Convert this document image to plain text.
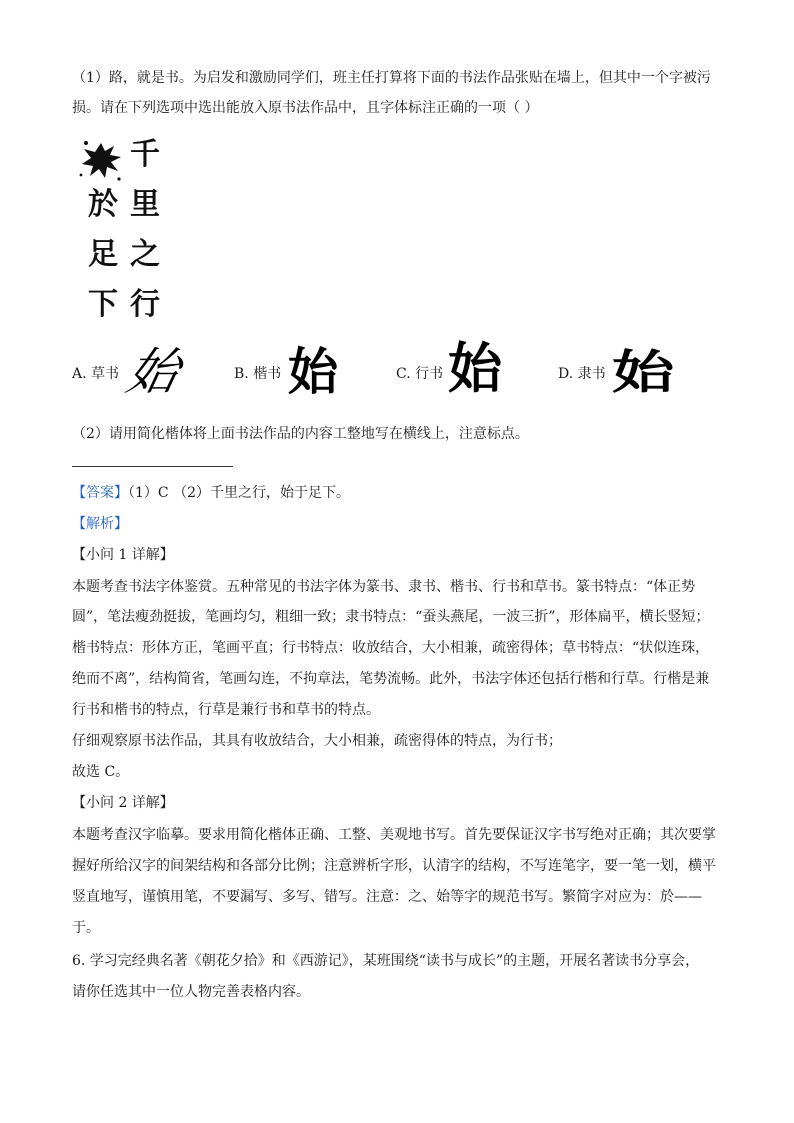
（1）路，就是书。为启发和激励同学们，班主任打算将下面的书法作品张贴在墙上，但其中一个字被污
损。请在下列选项中选出能放入原书法作品中，且字体标注正确的一项（ ）
千
里
之
行
於
足
下
A. 草书 始	B. 楷书 始	C. 行书 始	D. 隶书 始
（2）请用简化楷体将上面书法作品的内容工整地写在横线上，注意标点。
【答案】（1）C （2）千里之行，始于足下。
【解析】
【小问 1 详解】
本题考查书法字体鉴赏。五种常见的书法字体为篆书、隶书、楷书、行书和草书。篆书特点：“体正势
圆”，笔法瘦劲挺拔，笔画均匀，粗细一致；隶书特点：“蚕头燕尾，一波三折”，形体扁平，横长竖短；
楷书特点：形体方正，笔画平直；行书特点：收放结合，大小相兼，疏密得体；草书特点：“状似连珠，
绝而不离”，结构简省，笔画勾连，不拘章法，笔势流畅。此外，书法字体还包括行楷和行草。行楷是兼
行书和楷书的特点，行草是兼行书和草书的特点。
仔细观察原书法作品，其具有收放结合，大小相兼，疏密得体的特点，为行书；
故选 C。
【小问 2 详解】
本题考查汉字临摹。要求用简化楷体正确、工整、美观地书写。首先要保证汉字书写绝对正确；其次要掌
握好所给汉字的间架结构和各部分比例；注意辨析字形，认清字的结构，不写连笔字，要一笔一划，横平
竖直地写，谨慎用笔，不要漏写、多写、错写。注意：之、始等字的规范书写。繁简字对应为：於——
于。
6. 学习完经典名著《朝花夕拾》和《西游记》，某班围绕“读书与成长”的主题，开展名著读书分享会，
请你任选其中一位人物完善表格内容。
